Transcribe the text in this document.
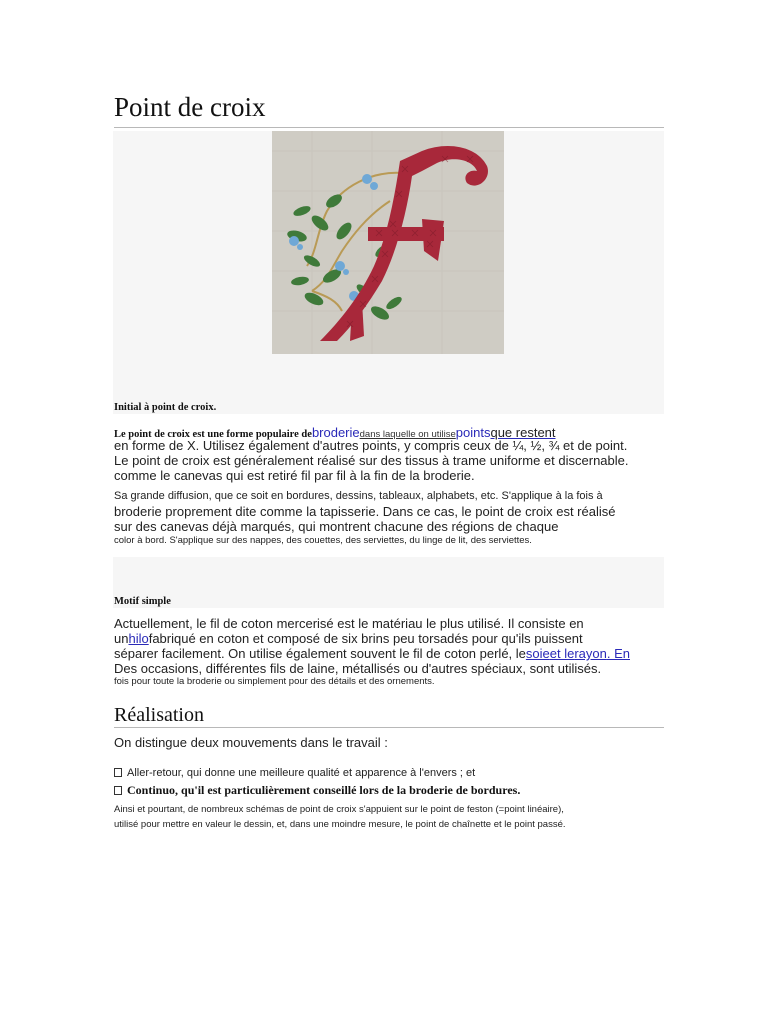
Point de croix
Initial à point de croix.
Le point de croix est une forme populaire debroderiedans laquelle on utilisepointsque restent
en forme de X. Utilisez également d'autres points, y compris ceux de ¼, ½, ¾ et de point.
Le point de croix est généralement réalisé sur des tissus à trame uniforme et discernable.
comme le canevas qui est retiré fil par fil à la fin de la broderie.
Sa grande diffusion, que ce soit en bordures, dessins, tableaux, alphabets, etc. S'applique à la fois à
broderie proprement dite comme la tapisserie. Dans ce cas, le point de croix est réalisé
sur des canevas déjà marqués, qui montrent chacune des régions de chaque
color à bord. S'applique sur des nappes, des couettes, des serviettes, du linge de lit, des serviettes.
Motif simple
Actuellement, le fil de coton mercerisé est le matériau le plus utilisé. Il consiste en
unhilofabriqué en coton et composé de six brins peu torsadés pour qu'ils puissent
séparer facilement. On utilise également souvent le fil de coton perlé, lesoieet lerayon. En
Des occasions, différentes fils de laine, métallisés ou d'autres spéciaux, sont utilisés.
fois pour toute la broderie ou simplement pour des détails et des ornements.
Réalisation
On distingue deux mouvements dans le travail :
Aller-retour, qui donne une meilleure qualité et apparence à l'envers ; et
Continuo, qu'il est particulièrement conseillé lors de la broderie de bordures.
Ainsi et pourtant, de nombreux schémas de point de croix s'appuient sur le point de feston (=point linéaire),
utilisé pour mettre en valeur le dessin, et, dans une moindre mesure, le point de chaînette et le point passé.
